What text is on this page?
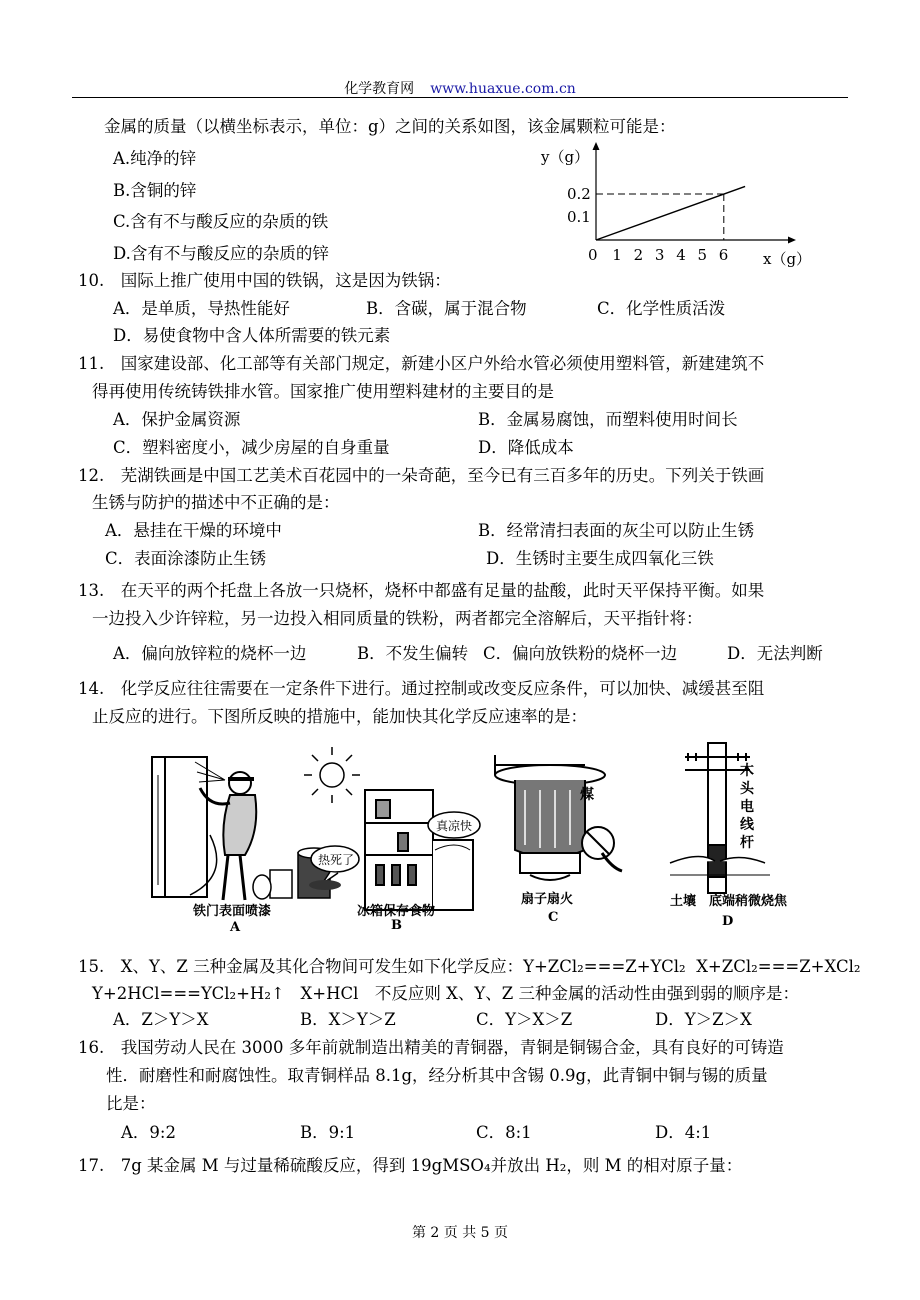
化学教育网 www.huaxue.com.cn
金属的质量（以横坐标表示，单位：g）之间的关系如图，该金属颗粒可能是：
A.纯净的锌
B.含铜的锌
C.含有不与酸反应的杂质的铁
D.含有不与酸反应的杂质的锌
y（g）
x（g）
0.2
0.1
0 1 2 3 4 5 6
10.　国际上推广使用中国的铁锅，这是因为铁锅：
A．是单质，导热性能好	B．含碳，属于混合物	C．化学性质活泼
D．易使食物中含人体所需要的铁元素
11.　国家建设部、化工部等有关部门规定，新建小区户外给水管必须使用塑料管，新建建筑不
得再使用传统铸铁排水管。国家推广使用塑料建材的主要目的是
A．保护金属资源	B．金属易腐蚀，而塑料使用时间长
C．塑料密度小，减少房屋的自身重量	D．降低成本
12.　芜湖铁画是中国工艺美术百花园中的一朵奇葩，至今已有三百多年的历史。下列关于铁画
生锈与防护的描述中不正确的是：
A．悬挂在干燥的环境中	B．经常清扫表面的灰尘可以防止生锈
C．表面涂漆防止生锈	D．生锈时主要生成四氧化三铁
13.　在天平的两个托盘上各放一只烧杯，烧杯中都盛有足量的盐酸，此时天平保持平衡。如果
一边投入少许锌粒，另一边投入相同质量的铁粉，两者都完全溶解后，天平指针将：
A．偏向放锌粒的烧杯一边	B．不发生偏转 C．偏向放铁粉的烧杯一边	D．无法判断
14.　化学反应往往需要在一定条件下进行。通过控制或改变反应条件，可以加快、减缓甚至阻
止反应的进行。下图所反映的措施中，能加快其化学反应速率的是：
热死了
真凉快
煤
木
头
电
线
杆
铁门表面喷漆	冰箱保存食物
扇子扇火	土壤　底端稍微烧焦
A	B
C	D
15.　X、Y、Z 三种金属及其化合物间可发生如下化学反应：Y+ZCl₂===Z+YCl₂ X+ZCl₂===Z+XCl₂
Y+2HCl===YCl₂+H₂↑ X+HCl　不反应则 X、Y、Z 三种金属的活动性由强到弱的顺序是：
A．Z＞Y＞X	B．X＞Y＞Z	C．Y＞X＞Z	D．Y＞Z＞X
16.　我国劳动人民在 3000 多年前就制造出精美的青铜器，青铜是铜锡合金，具有良好的可铸造
性．耐磨性和耐腐蚀性。取青铜样品 8.1g，经分析其中含锡 0.9g，此青铜中铜与锡的质量
比是：
A．9:2	B．9:1	C．8:1	D．4:1
17.　7g 某金属 M 与过量稀硫酸反应，得到 19gMSO₄并放出 H₂，则 M 的相对原子量：
第 2 页 共 5 页
